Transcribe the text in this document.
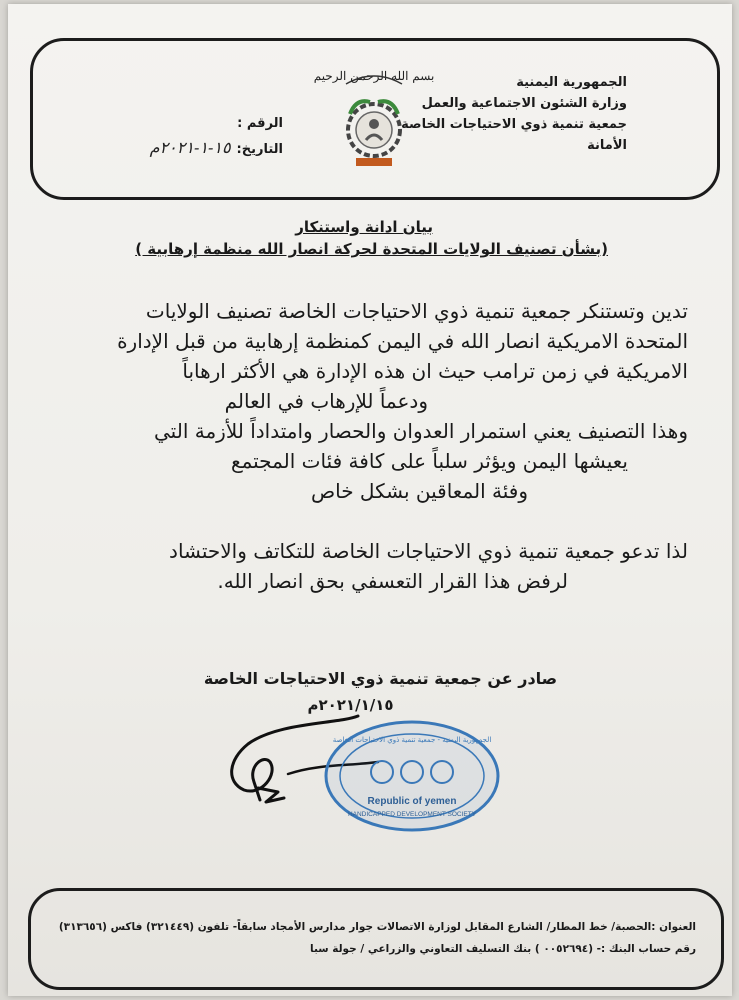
الجمهورية اليمنية
وزارة الشئون الاجتماعية والعمل
جمعية تنمية ذوي الاحتياجات الخاصة
الأمانة
بسم الله الرحمن الرحيم
الرقم :
التاريخ:
١٥-١-٢٠٢١م
بيان ادانة واستنكار
(بشأن تصنيف الولايات المتحدة لحركة انصار الله منظمة إرهابية )

تدين وتستنكر جمعية تنمية ذوي الاحتياجات الخاصة تصنيف الولايات

المتحدة الامريكية انصار الله في اليمن كمنظمة إرهابية من قبل الإدارة

الامريكية في زمن ترامب حيث ان هذه الإدارة هي الأكثر ارهاباً

ودعماً للإرهاب في العالم

وهذا التصنيف يعني استمرار العدوان والحصار وامتداداً للأزمة التي

يعيشها اليمن ويؤثر سلباً على كافة فئات المجتمع

وفئة المعاقين بشكل خاص

لذا تدعو جمعية تنمية ذوي الاحتياجات الخاصة للتكاتف والاحتشاد

لرفض هذا القرار التعسفي بحق انصار الله.

صادر عن جمعية تنمية ذوي الاحتياجات الخاصة
٢٠٢١/١/١٥م
الجمهورية اليمنية - جمعية تنمية ذوي الاحتياجات الخاصة
Republic of yemen
HANDICAPPED DEVELOPMENT SOCIETY
العنوان :الحصبة/ خط المطار/ الشارع المقابل لوزارة الاتصالات جوار مدارس الأمجاد سابقاً- تلفون (٣٢١٤٤٩) فاكس (٣١٣٦٥٦)
رقم حساب البنك :- (٠٠٥٢٦٩٤ ) بنك التسليف التعاوني والزراعي / جولة سبا
